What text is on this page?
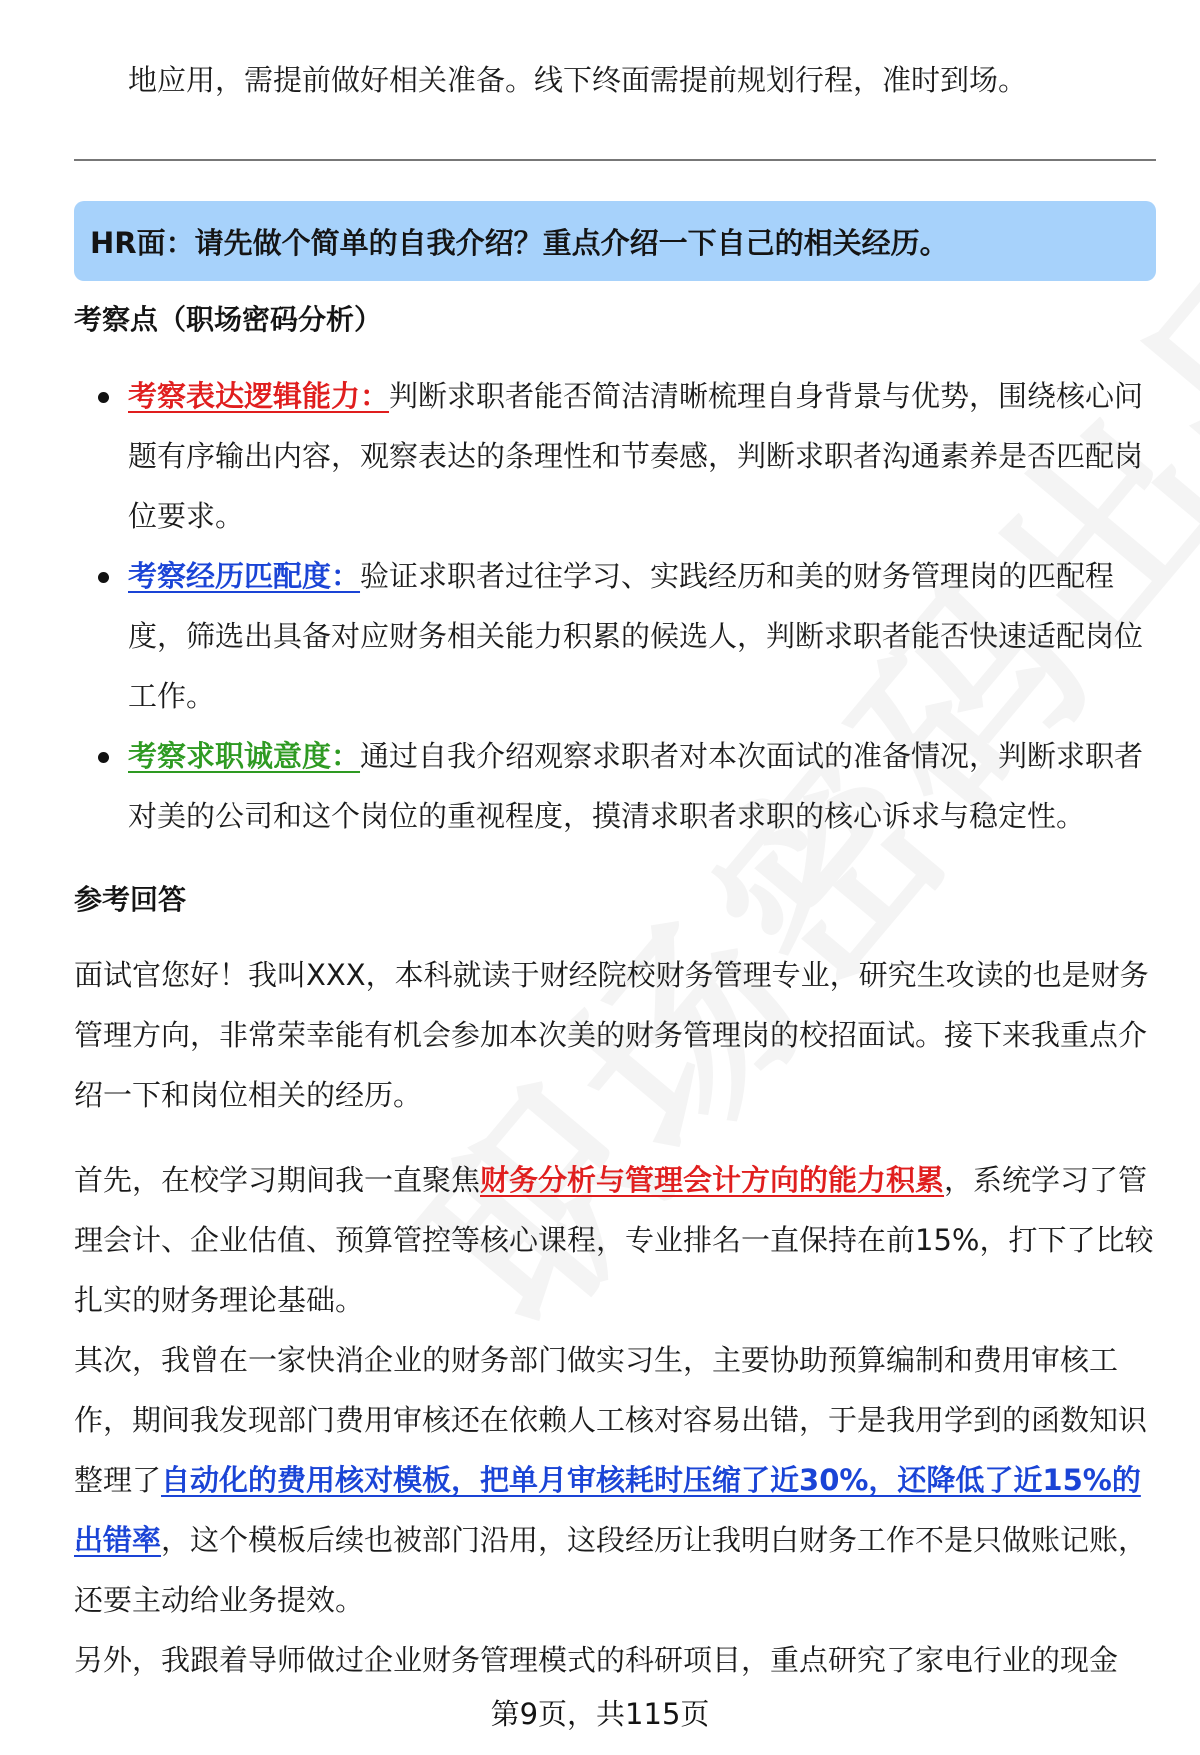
地应用，需提前做好相关准备。线下终面需提前规划行程，准时到场。
HR面：请先做个简单的自我介绍？重点介绍一下自己的相关经历。
考察点（职场密码分析）
考察表达逻辑能力：判断求职者能否简洁清晰梳理自身背景与优势，围绕核心问题有序输出内容，观察表达的条理性和节奏感，判断求职者沟通素养是否匹配岗位要求。
考察经历匹配度：验证求职者过往学习、实践经历和美的财务管理岗的匹配程度，筛选出具备对应财务相关能力积累的候选人，判断求职者能否快速适配岗位工作。
考察求职诚意度：通过自我介绍观察求职者对本次面试的准备情况，判断求职者对美的公司和这个岗位的重视程度，摸清求职者求职的核心诉求与稳定性。
参考回答
面试官您好！我叫XXX，本科就读于财经院校财务管理专业，研究生攻读的也是财务管理方向，非常荣幸能有机会参加本次美的财务管理岗的校招面试。接下来我重点介绍一下和岗位相关的经历。
首先，在校学习期间我一直聚焦财务分析与管理会计方向的能力积累，系统学习了管理会计、企业估值、预算管控等核心课程，专业排名一直保持在前15%，打下了比较扎实的财务理论基础。
其次，我曾在一家快消企业的财务部门做实习生，主要协助预算编制和费用审核工作，期间我发现部门费用审核还在依赖人工核对容易出错，于是我用学到的函数知识整理了自动化的费用核对模板，把单月审核耗时压缩了近30%，还降低了近15%的出错率，这个模板后续也被部门沿用，这段经历让我明白财务工作不是只做账记账，还要主动给业务提效。
另外，我跟着导师做过企业财务管理模式的科研项目，重点研究了家电行业的现金
第9页，共115页
